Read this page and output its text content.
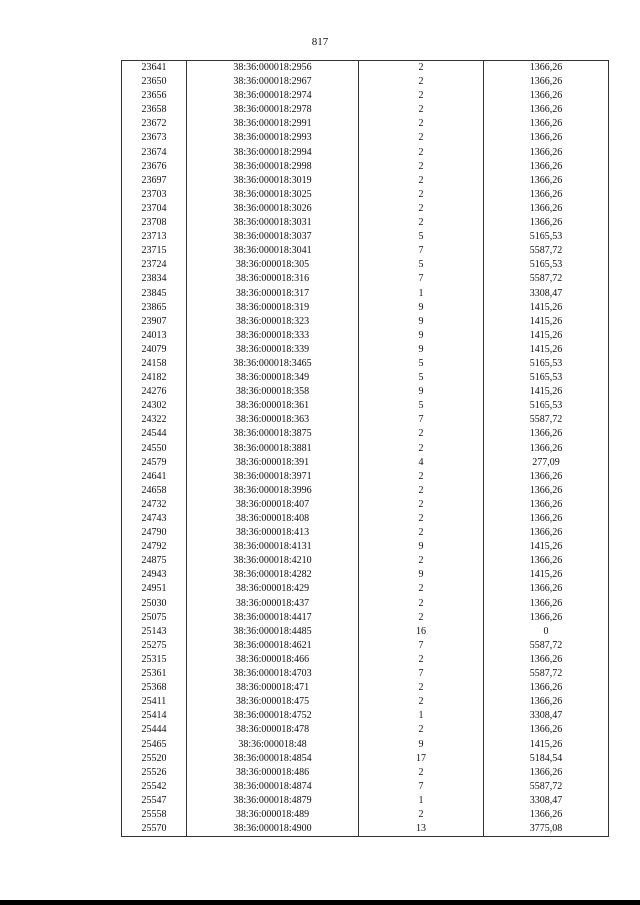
817
23641	38:36:000018:2956	2	1366,26
23650	38:36:000018:2967	2	1366,26
23656	38:36:000018:2974	2	1366,26
23658	38:36:000018:2978	2	1366,26
23672	38:36:000018:2991	2	1366,26
23673	38:36:000018:2993	2	1366,26
23674	38:36:000018:2994	2	1366,26
23676	38:36:000018:2998	2	1366,26
23697	38:36:000018:3019	2	1366,26
23703	38:36:000018:3025	2	1366,26
23704	38:36:000018:3026	2	1366,26
23708	38:36:000018:3031	2	1366,26
23713	38:36:000018:3037	5	5165,53
23715	38:36:000018:3041	7	5587,72
23724	38:36:000018:305	5	5165,53
23834	38:36:000018:316	7	5587,72
23845	38:36:000018:317	1	3308,47
23865	38:36:000018:319	9	1415,26
23907	38:36:000018:323	9	1415,26
24013	38:36:000018:333	9	1415,26
24079	38:36:000018:339	9	1415,26
24158	38:36:000018:3465	5	5165,53
24182	38:36:000018:349	5	5165,53
24276	38:36:000018:358	9	1415,26
24302	38:36:000018:361	5	5165,53
24322	38:36:000018:363	7	5587,72
24544	38:36:000018:3875	2	1366,26
24550	38:36:000018:3881	2	1366,26
24579	38:36:000018:391	4	277,09
24641	38:36:000018:3971	2	1366,26
24658	38:36:000018:3996	2	1366,26
24732	38:36:000018:407	2	1366,26
24743	38:36:000018:408	2	1366,26
24790	38:36:000018:413	2	1366,26
24792	38:36:000018:4131	9	1415,26
24875	38:36:000018:4210	2	1366,26
24943	38:36:000018:4282	9	1415,26
24951	38:36:000018:429	2	1366,26
25030	38:36:000018:437	2	1366,26
25075	38:36:000018:4417	2	1366,26
25143	38:36:000018:4485	16	0
25275	38:36:000018:4621	7	5587,72
25315	38:36:000018:466	2	1366,26
25361	38:36:000018:4703	7	5587,72
25368	38:36:000018:471	2	1366,26
25411	38:36:000018:475	2	1366,26
25414	38:36:000018:4752	1	3308,47
25444	38:36:000018:478	2	1366,26
25465	38:36:000018:48	9	1415,26
25520	38:36:000018:4854	17	5184,54
25526	38:36:000018:486	2	1366,26
25542	38:36:000018:4874	7	5587,72
25547	38:36:000018:4879	1	3308,47
25558	38:36:000018:489	2	1366,26
25570	38:36:000018:4900	13	3775,08
